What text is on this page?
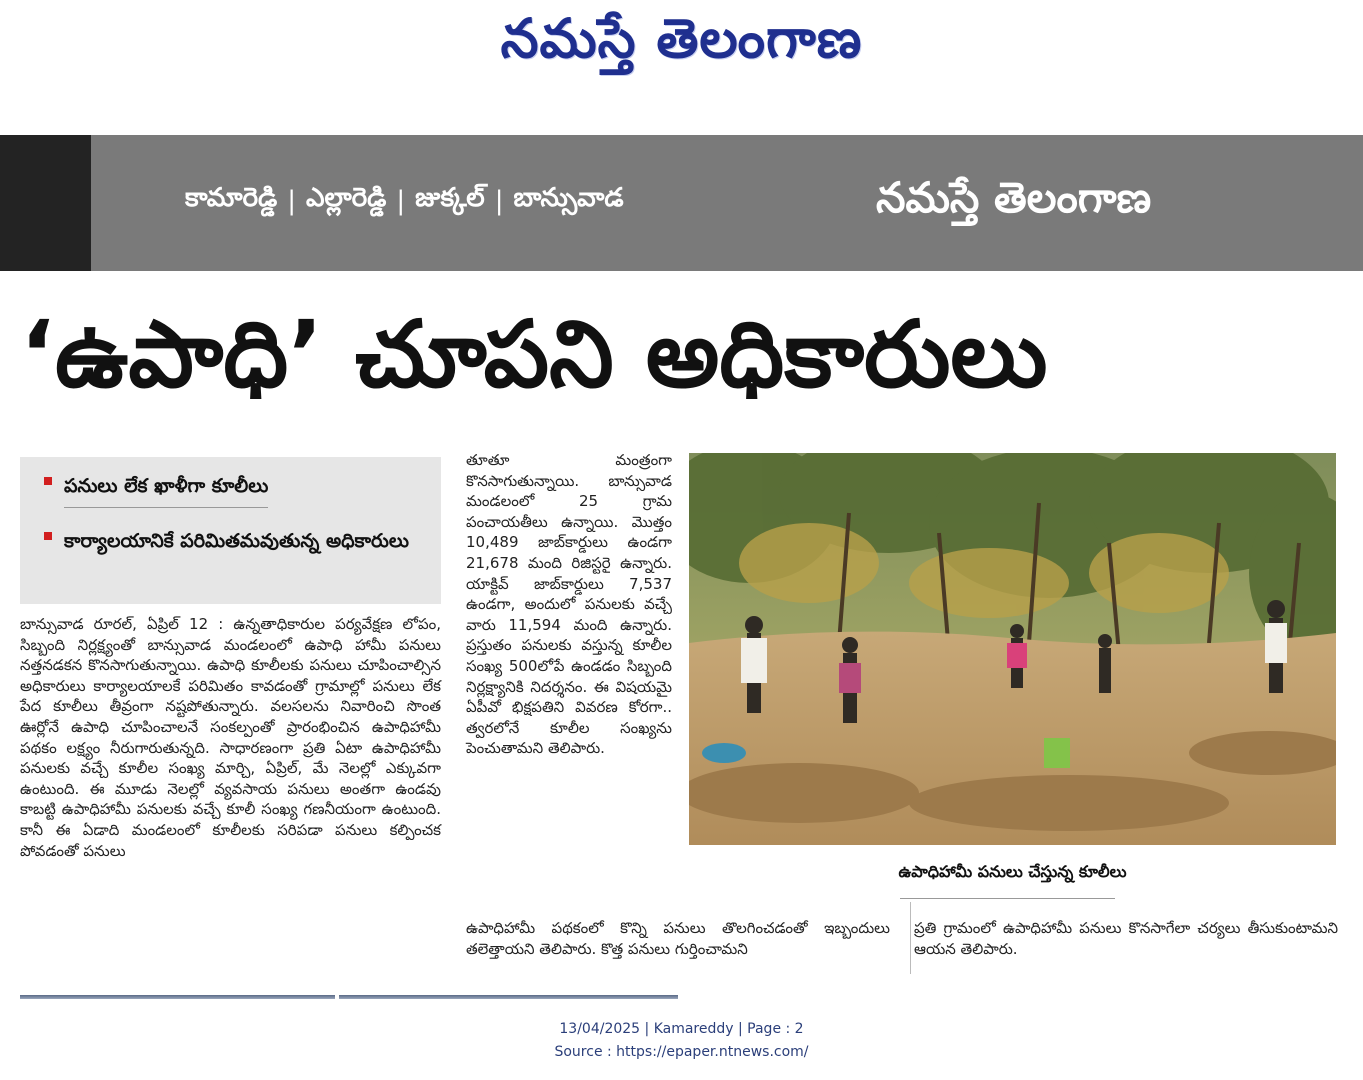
నమస్తే తెలంగాణ
కామారెడ్డి | ఎల్లారెడ్డి | జుక్కల్ | బాన్సువాడ	నమస్తే తెలంగాణ
‘ఉపాధి’ చూపని అధికారులు
పనులు లేక ఖాళీగా కూలీలు
కార్యాలయానికే పరిమితమవుతున్న అధికారులు
బాన్సువాడ రూరల్, ఏప్రిల్ 12 : ఉన్నతాధికారుల పర్యవేక్షణ లోపం, సిబ్బంది నిర్లక్ష్యంతో బాన్సువాడ మండలంలో ఉపాధి హామీ పనులు నత్తనడకన కొనసాగుతున్నాయి. ఉపాధి కూలీలకు పనులు చూపించాల్సిన అధికారులు కార్యాలయాలకే పరిమితం కావడంతో గ్రామాల్లో పనులు లేక పేద కూలీలు తీవ్రంగా నష్టపోతున్నారు. వలసలను నివారించి సొంత ఊర్లోనే ఉపాధి చూపించాలనే సంకల్పంతో ప్రారంభించిన ఉపాధిహామీ పథకం లక్ష్యం నీరుగారుతున్నది. సాధారణంగా ప్రతి ఏటా ఉపాధిహామీ పనులకు వచ్చే కూలీల సంఖ్య మార్చి, ఏప్రిల్, మే నెలల్లో ఎక్కువగా ఉంటుంది. ఈ మూడు నెలల్లో వ్యవసాయ పనులు అంతగా ఉండవు కాబట్టి ఉపాధిహామీ పనులకు వచ్చే కూలీ సంఖ్య గణనీయంగా ఉంటుంది. కానీ ఈ ఏడాది మండలంలో కూలీలకు సరిపడా పనులు కల్పించక పోవడంతో పనులు
తూతూ మంత్రంగా కొనసాగుతున్నాయి. బాన్సువాడ మండలంలో 25 గ్రామ పంచాయతీలు ఉన్నాయి. మొత్తం 10,489 జాబ్‌కార్డులు ఉండగా 21,678 మంది రిజిస్టరై ఉన్నారు. యాక్టివ్ జాబ్‌కార్డులు 7,537 ఉండగా, అందులో పనులకు వచ్చే వారు 11,594 మంది ఉన్నారు. ప్రస్తుతం పనులకు వస్తున్న కూలీల సంఖ్య 500లోపే ఉండడం సిబ్బంది నిర్లక్ష్యానికి నిదర్శనం. ఈ విషయమై ఏపీవో భిక్షపతిని వివరణ కోరగా.. త్వరలోనే కూలీల సంఖ్యను పెంచుతామని తెలిపారు.
ఉపాధిహామీ పనులు చేస్తున్న కూలీలు
ఉపాధిహామీ పథకంలో కొన్ని పనులు తొలగించడంతో ఇబ్బందులు తలెత్తాయని తెలిపారు. కొత్త పనులు గుర్తించామని
ప్రతి గ్రామంలో ఉపాధిహామీ పనులు కొనసాగేలా చర్యలు తీసుకుంటామని ఆయన తెలిపారు.
13/04/2025 | Kamareddy | Page : 2
Source : https://epaper.ntnews.com/
